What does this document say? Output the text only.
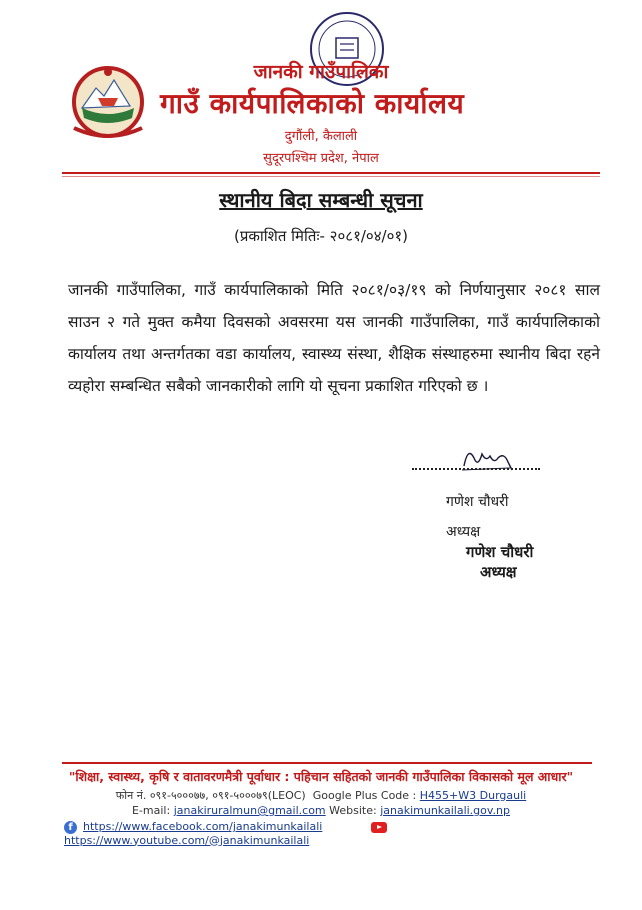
जानकी गाउँपालिका
गाउँ कार्यपालिकाको कार्यालय
दुगौंली, कैलाली
सुदूरपश्चिम प्रदेश, नेपाल
स्थानीय बिदा सम्बन्धी सूचना
(प्रकाशित मितिः- २०८१/०४/०१)
जानकी गाउँपालिका, गाउँ कार्यपालिकाको मिति २०८१/०३/१९ को निर्णयानुसार २०८१ साल साउन २ गते मुक्त कमैया दिवसको अवसरमा यस जानकी गाउँपालिका, गाउँ कार्यपालिकाको कार्यालय तथा अन्तर्गतका वडा कार्यालय, स्वास्थ्य संस्था, शैक्षिक संस्थाहरुमा स्थानीय बिदा रहने व्यहोरा सम्बन्धित सबैको जानकारीको लागि यो सूचना प्रकाशित गरिएको छ ।
गणेश चौधरी
अध्यक्ष
गणेश चौधरी
अध्यक्ष
"शिक्षा, स्वास्थ्य, कृषि र वातावरणमैत्री पूर्वाधार : पहिचान सहितको जानकी गाउँपालिका विकासको मूल आधार"
फोन नं. ०९१-५०००७७, ०९१-५०००७९(LEOC) Google Plus Code : H455+W3 Durgauli
E-mail: janakiruralmun@gmail.com Website: janakimunkailali.gov.np
f https://www.facebook.com/janakimunkailali  https://www.youtube.com/@janakimunkailali
